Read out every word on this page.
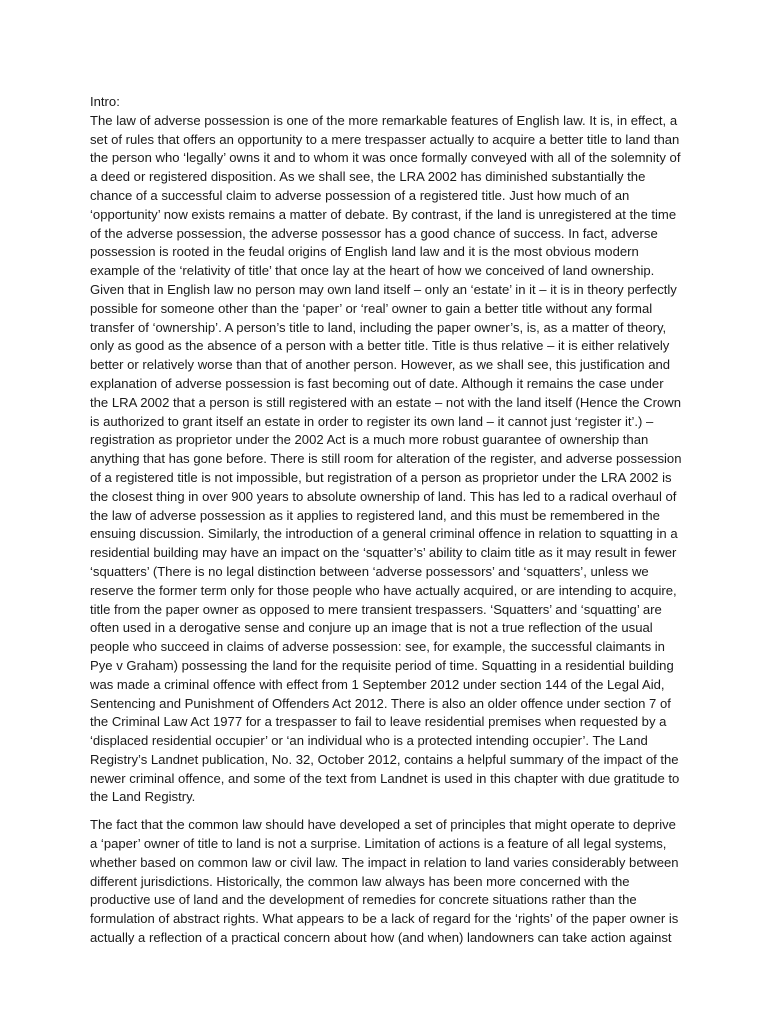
Intro:

The law of adverse possession is one of the more remarkable features of English law. It is, in effect, a set of rules that offers an opportunity to a mere trespasser actually to acquire a better title to land than the person who ‘legally’ owns it and to whom it was once formally conveyed with all of the solemnity of a deed or registered disposition. As we shall see, the LRA 2002 has diminished substantially the chance of a successful claim to adverse possession of a registered title. Just how much of an ‘opportunity’ now exists remains a matter of debate. By contrast, if the land is unregistered at the time of the adverse possession, the adverse possessor has a good chance of success. In fact, adverse possession is rooted in the feudal origins of English land law and it is the most obvious modern example of the ‘relativity of title’ that once lay at the heart of how we conceived of land ownership. Given that in English law no person may own land itself – only an ‘estate’ in it – it is in theory perfectly possible for someone other than the ‘paper’ or ‘real’ owner to gain a better title without any formal transfer of ‘ownership’. A person’s title to land, including the paper owner’s, is, as a matter of theory, only as good as the absence of a person with a better title. Title is thus relative – it is either relatively better or relatively worse than that of another person. However, as we shall see, this justification and explanation of adverse possession is fast becoming out of date. Although it remains the case under the LRA 2002 that a person is still registered with an estate – not with the land itself (Hence the Crown is authorized to grant itself an estate in order to register its own land – it cannot just ‘register it’.) – registration as proprietor under the 2002 Act is a much more robust guarantee of ownership than anything that has gone before. There is still room for alteration of the register, and adverse possession of a registered title is not impossible, but registration of a person as proprietor under the LRA 2002 is the closest thing in over 900 years to absolute ownership of land. This has led to a radical overhaul of the law of adverse possession as it applies to registered land, and this must be remembered in the ensuing discussion. Similarly, the introduction of a general criminal offence in relation to squatting in a residential building may have an impact on the ‘squatter’s’ ability to claim title as it may result in fewer ‘squatters’ (There is no legal distinction between ‘adverse possessors’ and ‘squatters’, unless we reserve the former term only for those people who have actually acquired, or are intending to acquire, title from the paper owner as opposed to mere transient trespassers. ‘Squatters’ and ‘squatting’ are often used in a derogative sense and conjure up an image that is not a true reflection of the usual people who succeed in claims of adverse possession: see, for example, the successful claimants in Pye v Graham) possessing the land for the requisite period of time. Squatting in a residential building was made a criminal offence with effect from 1 September 2012 under section 144 of the Legal Aid, Sentencing and Punishment of Offenders Act 2012. There is also an older offence under section 7 of the Criminal Law Act 1977 for a trespasser to fail to leave residential premises when requested by a ‘displaced residential occupier’ or ‘an individual who is a protected intending occupier’. The Land Registry’s Landnet publication, No. 32, October 2012, contains a helpful summary of the impact of the newer criminal offence, and some of the text from Landnet is used in this chapter with due gratitude to the Land Registry.

The fact that the common law should have developed a set of principles that might operate to deprive a ‘paper’ owner of title to land is not a surprise. Limitation of actions is a feature of all legal systems, whether based on common law or civil law. The impact in relation to land varies considerably between different jurisdictions. Historically, the common law always has been more concerned with the productive use of land and the development of remedies for concrete situations rather than the formulation of abstract rights. What appears to be a lack of regard for the ‘rights’ of the paper owner is actually a reflection of a practical concern about how (and when) landowners can take action against
